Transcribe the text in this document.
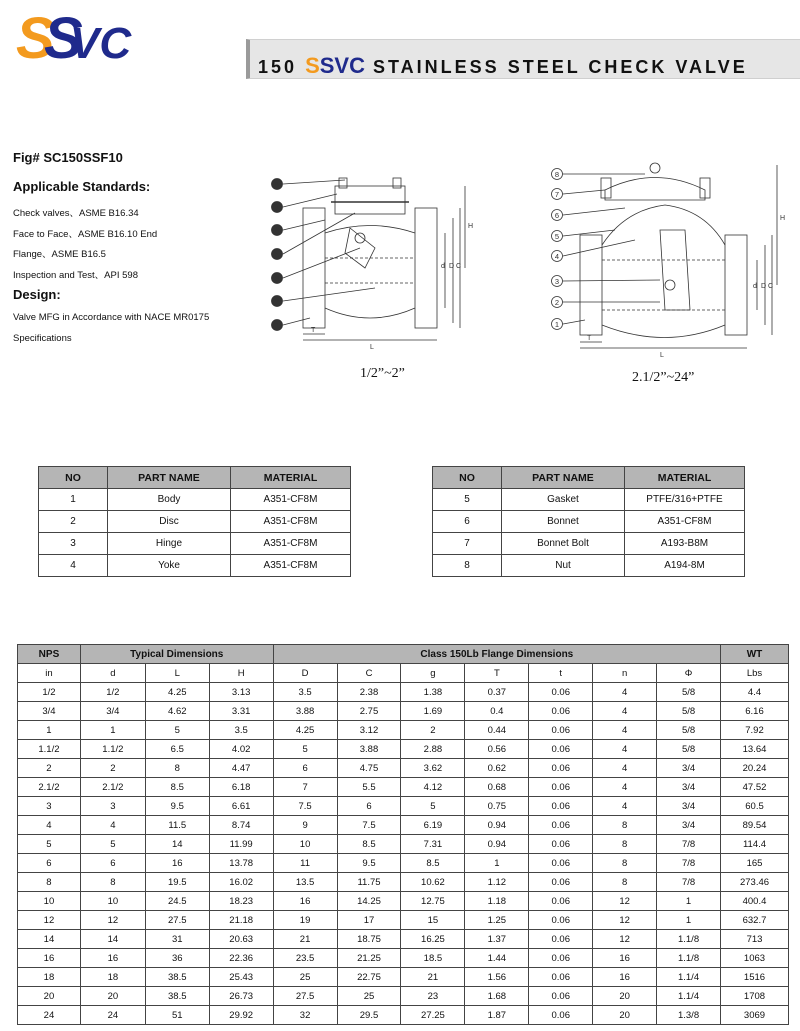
S
S
VC	150 SSVC STAINLESS STEEL CHECK VALVE
Fig# SC150SSF10
Applicable Standards:
Check valves、ASME B16.34
Face to Face、ASME B16.10 End
Flange、ASME B16.5
Inspection and Test、API 598
Design:
Valve MFG in Accordance with NACE MR0175
Specifications
8
7
6
5
3
2
1
T
L
H
d D C
1/2”~2”
8
7
6
5
4
3
2
1
T
L
H
d D C
2.1/2”~24”
NO	PART NAME	MATERIAL
1	Body	A351-CF8M
2	Disc	A351-CF8M
3	Hinge	A351-CF8M
4	Yoke	A351-CF8M
NO	PART NAME	MATERIAL
5	Gasket	PTFE/316+PTFE
6	Bonnet	A351-CF8M
7	Bonnet Bolt	A193-B8M
8	Nut	A194-8M
NPS	Typical Dimensions			Class 150Lb Flange Dimensions							WT
in	d	L	H	D	C	g	T	t	n	Φ	Lbs
1/2	1/2	4.25	3.13	3.5	2.38	1.38	0.37	0.06	4	5/8	4.4
3/4	3/4	4.62	3.31	3.88	2.75	1.69	0.4	0.06	4	5/8	6.16
1	1	5	3.5	4.25	3.12	2	0.44	0.06	4	5/8	7.92
1.1/2	1.1/2	6.5	4.02	5	3.88	2.88	0.56	0.06	4	5/8	13.64
2	2	8	4.47	6	4.75	3.62	0.62	0.06	4	3/4	20.24
2.1/2	2.1/2	8.5	6.18	7	5.5	4.12	0.68	0.06	4	3/4	47.52
3	3	9.5	6.61	7.5	6	5	0.75	0.06	4	3/4	60.5
4	4	11.5	8.74	9	7.5	6.19	0.94	0.06	8	3/4	89.54
5	5	14	11.99	10	8.5	7.31	0.94	0.06	8	7/8	114.4
6	6	16	13.78	11	9.5	8.5	1	0.06	8	7/8	165
8	8	19.5	16.02	13.5	11.75	10.62	1.12	0.06	8	7/8	273.46
10	10	24.5	18.23	16	14.25	12.75	1.18	0.06	12	1	400.4
12	12	27.5	21.18	19	17	15	1.25	0.06	12	1	632.7
14	14	31	20.63	21	18.75	16.25	1.37	0.06	12	1.1/8	713
16	16	36	22.36	23.5	21.25	18.5	1.44	0.06	16	1.1/8	1063
18	18	38.5	25.43	25	22.75	21	1.56	0.06	16	1.1/4	1516
20	20	38.5	26.73	27.5	25	23	1.68	0.06	20	1.1/4	1708
24	24	51	29.92	32	29.5	27.25	1.87	0.06	20	1.3/8	3069
